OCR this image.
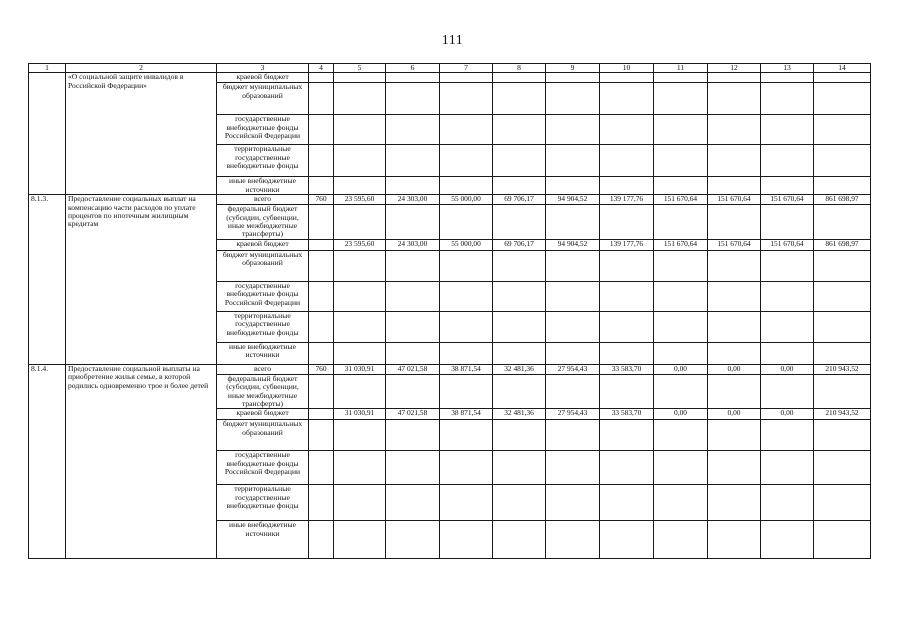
111
1	2	3	4	5	6	7	8	9	10	11	12	13	14
	«О социальной защите инвалидов в Российской Федерации»	краевой бюджет											
		бюджет муниципальных образований											
		государственные внебюджетные фонды Российской Федерации											
		территориальные государственные внебюджетные фонды											
		иные внебюджетные источники											
8.1.3.	Предоставление социальных выплат на компенсацию части расходов по уплате процентов по ипотечным жилищным кредитам	всего	760	23 595,60	24 303,00	55 000,00	69 706,17	94 904,52	139 177,76	151 670,64	151 670,64	151 670,64	861 698,97
		федеральный бюджет (субсидии, субвенции, иные межбюджетные трансферты)											
		краевой бюджет		23 595,60	24 303,00	55 000,00	69 706,17	94 904,52	139 177,76	151 670,64	151 670,64	151 670,64	861 698,97
		бюджет муниципальных образований											
		государственные внебюджетные фонды Российской Федерации											
		территориальные государственные внебюджетные фонды											
		иные внебюджетные источники											
8.1.4.	Предоставление социальной выплаты на приобретение жилья семье, в которой родились одновременно трое и более детей	всего	760	31 030,91	47 021,58	38 871,54	32 481,36	27 954,43	33 583,70	0,00	0,00	0,00	210 943,52
		федеральный бюджет (субсидии, субвенции, иные межбюджетные трансферты)											
		краевой бюджет		31 030,91	47 021,58	38 871,54	32 481,36	27 954,43	33 583,70	0,00	0,00	0,00	210 943,52
		бюджет муниципальных образований											
		государственные внебюджетные фонды Российской Федерации											
		территориальные государственные внебюджетные фонды											
		иные внебюджетные источники											
